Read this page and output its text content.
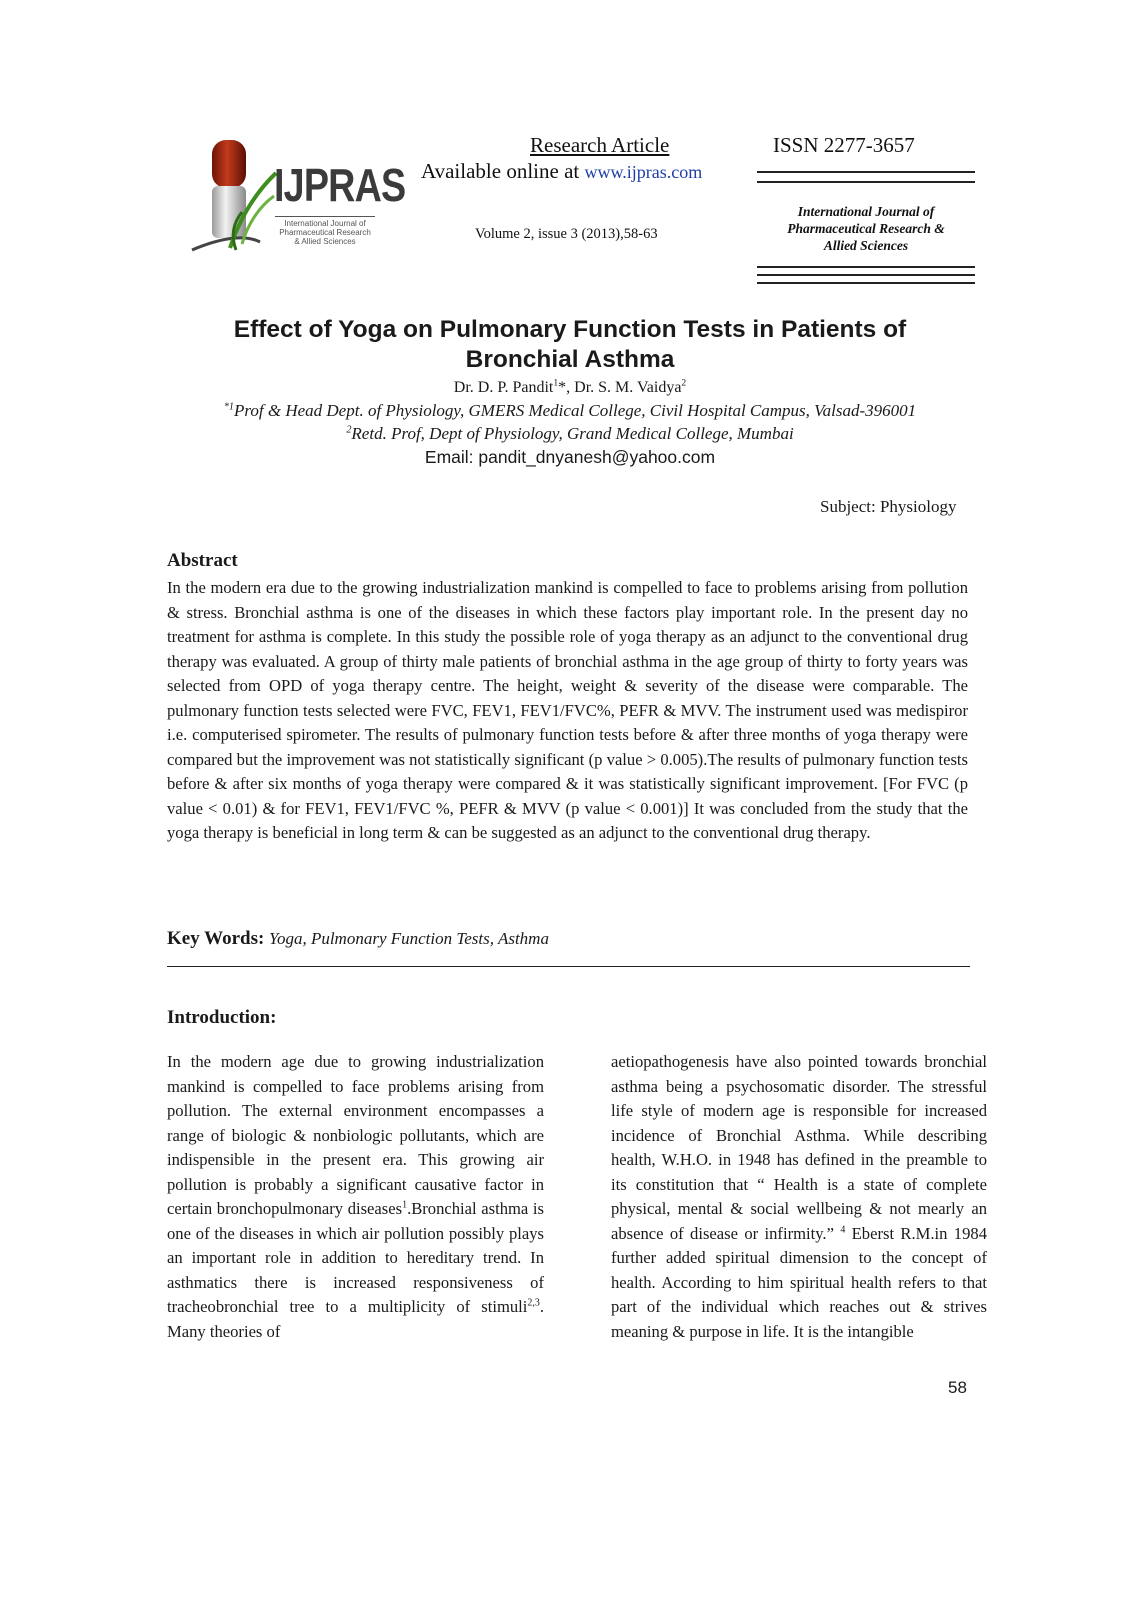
IJPRAS
International Journal of
Pharmaceutical Research
& Allied Sciences
Research Article
Available online at www.ijpras.com
Volume 2, issue 3 (2013),58-63
ISSN 2277-3657
International Journal of
Pharmaceutical Research &
Allied Sciences
Effect of Yoga on Pulmonary Function Tests in Patients of
Bronchial Asthma
Dr. D. P. Pandit$^1$*, Dr. S. M. Vaidya$^2$
$^{*1}$Prof & Head Dept. of Physiology, GMERS Medical College, Civil Hospital Campus, Valsad-396001
$^2$Retd. Prof, Dept of Physiology, Grand Medical College, Mumbai
Email: pandit_dnyanesh@yahoo.com
Subject: Physiology
Abstract
In the modern era due to the growing industrialization mankind is compelled to face to problems arising from pollution & stress. Bronchial asthma is one of the diseases in which these factors play important role. In the present day no treatment for asthma is complete. In this study the possible role of yoga therapy as an adjunct to the conventional drug therapy was evaluated. A group of thirty male patients of bronchial asthma in the age group of thirty to forty years was selected from OPD of yoga therapy centre. The height, weight & severity of the disease were comparable. The pulmonary function tests selected were FVC, FEV1, FEV1/FVC%, PEFR & MVV. The instrument used was medispiror i.e. computerised spirometer. The results of pulmonary function tests before & after three months of yoga therapy were compared but the improvement was not statistically significant (p value > 0.005).The results of pulmonary function tests before & after six months of yoga therapy were compared & it was statistically significant improvement. [For FVC (p value < 0.01) & for FEV1, FEV1/FVC %, PEFR & MVV (p value < 0.001)] It was concluded from the study that the yoga therapy is beneficial in long term & can be suggested as an adjunct to the conventional drug therapy.
Key Words: Yoga, Pulmonary Function Tests, Asthma
Introduction:
In the modern age due to growing industrialization mankind is compelled to face problems arising from pollution. The external environment encompasses a range of biologic & nonbiologic pollutants, which are indispensible in the present era. This growing air pollution is probably a significant causative factor in certain bronchopulmonary diseases$^1$.Bronchial asthma is one of the diseases in which air pollution possibly plays an important role in addition to hereditary trend. In asthmatics there is increased responsiveness of tracheobronchial tree to a multiplicity of stimuli$^{2,3}$. Many theories of
aetiopathogenesis have also pointed towards bronchial asthma being a psychosomatic disorder. The stressful life style of modern age is responsible for increased incidence of Bronchial Asthma. While describing health, W.H.O. in 1948 has defined in the preamble to its constitution that “ Health is a state of complete physical, mental & social wellbeing & not mearly an absence of disease or infirmity.” $^4$ Eberst R.M.in 1984 further added spiritual dimension to the concept of health. According to him spiritual health refers to that part of the individual which reaches out & strives meaning & purpose in life. It is the intangible
58
